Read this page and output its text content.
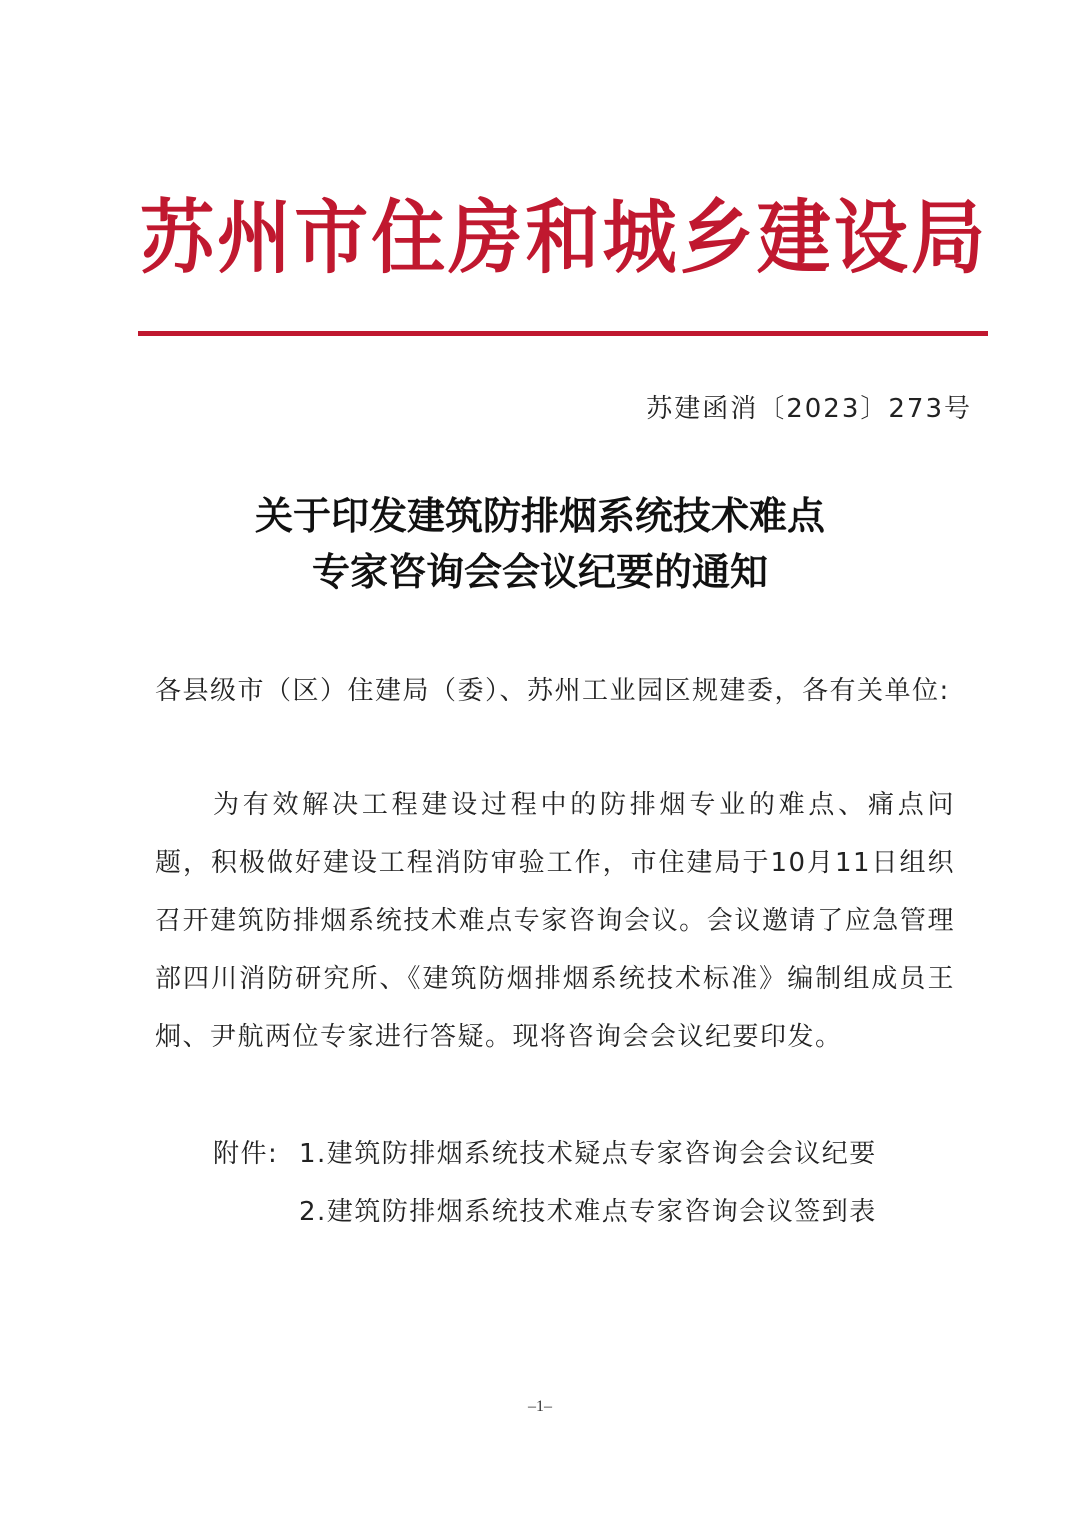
苏 州 市 住 房 和 城 乡 建 设 局
苏建函消〔2023〕273号
关于印发建筑防排烟系统技术难点
专家咨询会会议纪要的通知
各县级市（区）住建局（委）、苏州工业园区规建委，各有关单位:
为有效解决工程建设过程中的防排烟专业的难点、痛点问题，积极做好建设工程消防审验工作，市住建局于10月11日组织召开建筑防排烟系统技术难点专家咨询会议。会议邀请了应急管理部四川消防研究所、《建筑防烟排烟系统技术标准》编制组成员王炯、尹航两位专家进行答疑。现将咨询会会议纪要印发。
附件: 1.建筑防排烟系统技术疑点专家咨询会会议纪要
2.建筑防排烟系统技术难点专家咨询会议签到表
–1–
